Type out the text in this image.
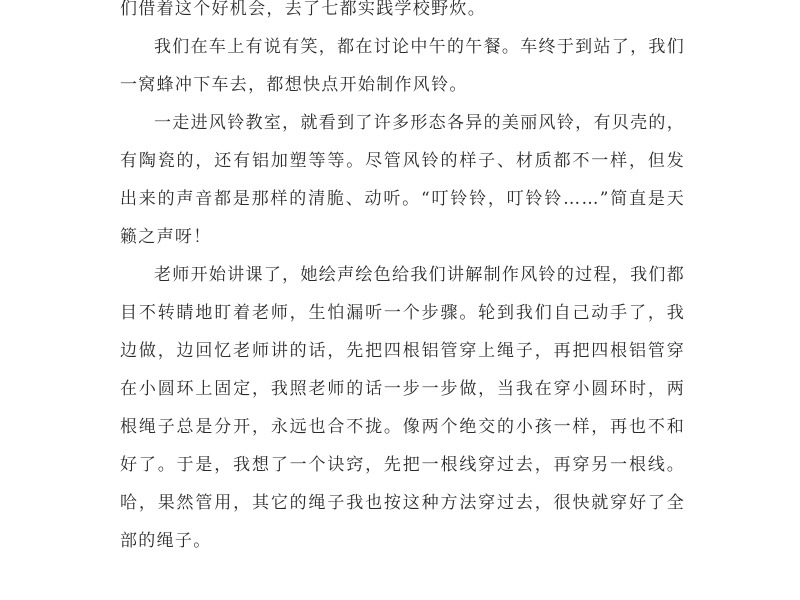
们借着这个好机会，去了七都实践学校野炊。

我们在车上有说有笑，都在讨论中午的午餐。车终于到站了，我们一窝蜂冲下车去，都想快点开始制作风铃。

一走进风铃教室，就看到了许多形态各异的美丽风铃，有贝壳的，有陶瓷的，还有铝加塑等等。尽管风铃的样子、材质都不一样，但发出来的声音都是那样的清脆、动听。“叮铃铃，叮铃铃……”简直是天籁之声呀！

老师开始讲课了，她绘声绘色给我们讲解制作风铃的过程，我们都目不转睛地盯着老师，生怕漏听一个步骤。轮到我们自己动手了，我边做，边回忆老师讲的话，先把四根铝管穿上绳子，再把四根铝管穿在小圆环上固定，我照老师的话一步一步做，当我在穿小圆环时，两根绳子总是分开，永远也合不拢。像两个绝交的小孩一样，再也不和好了。于是，我想了一个诀窍，先把一根线穿过去，再穿另一根线。哈，果然管用，其它的绳子我也按这种方法穿过去，很快就穿好了全部的绳子。
